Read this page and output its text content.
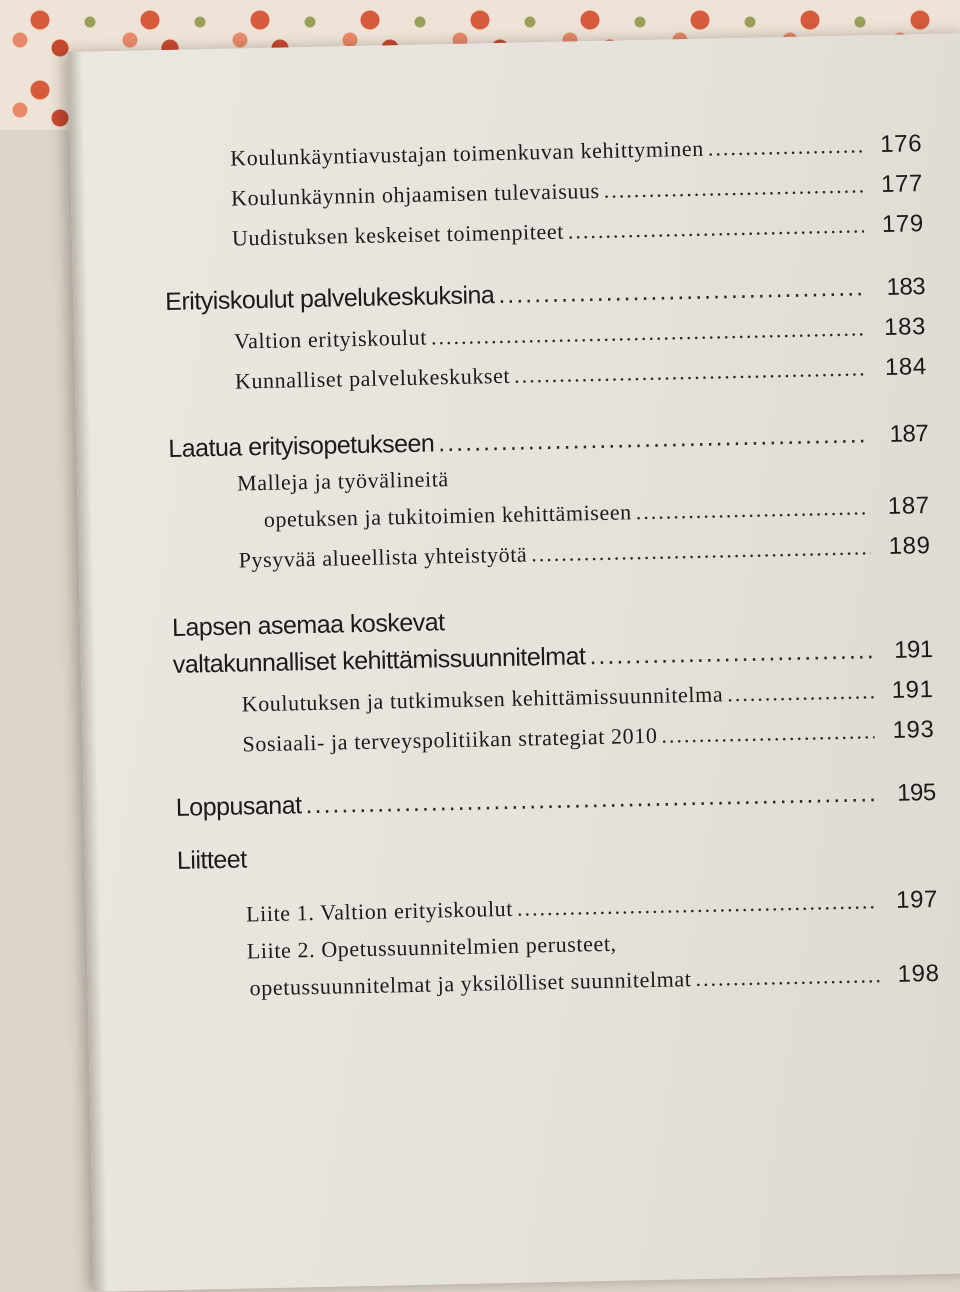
Koulunkäyntiavustajan toimenkuvan kehittyminen .....	176
Koulunkäynnin ohjaamisen tulevaisuus .....	177
Uudistuksen keskeiset toimenpiteet .....	179
Erityiskoulut palvelukeskuksina .....	183
Valtion erityiskoulut .....	183
Kunnalliset palvelukeskukset .....	184
Laatua erityisopetukseen .....	187
Malleja ja työvälineitä
opetuksen ja tukitoimien kehittämiseen .....	187
Pysyvää alueellista yhteistyötä .....	189
Lapsen asemaa koskevat
valtakunnalliset kehittämissuunnitelmat .....	191
Koulutuksen ja tutkimuksen kehittämissuunnitelma .....	191
Sosiaali- ja terveyspolitiikan strategiat 2010 .....	193
Loppusanat .....	195
Liitteet
Liite 1. Valtion erityiskoulut .....	197
Liite 2. Opetussuunnitelmien perusteet,
opetussuunnitelmat ja yksilölliset suunnitelmat .....	198
